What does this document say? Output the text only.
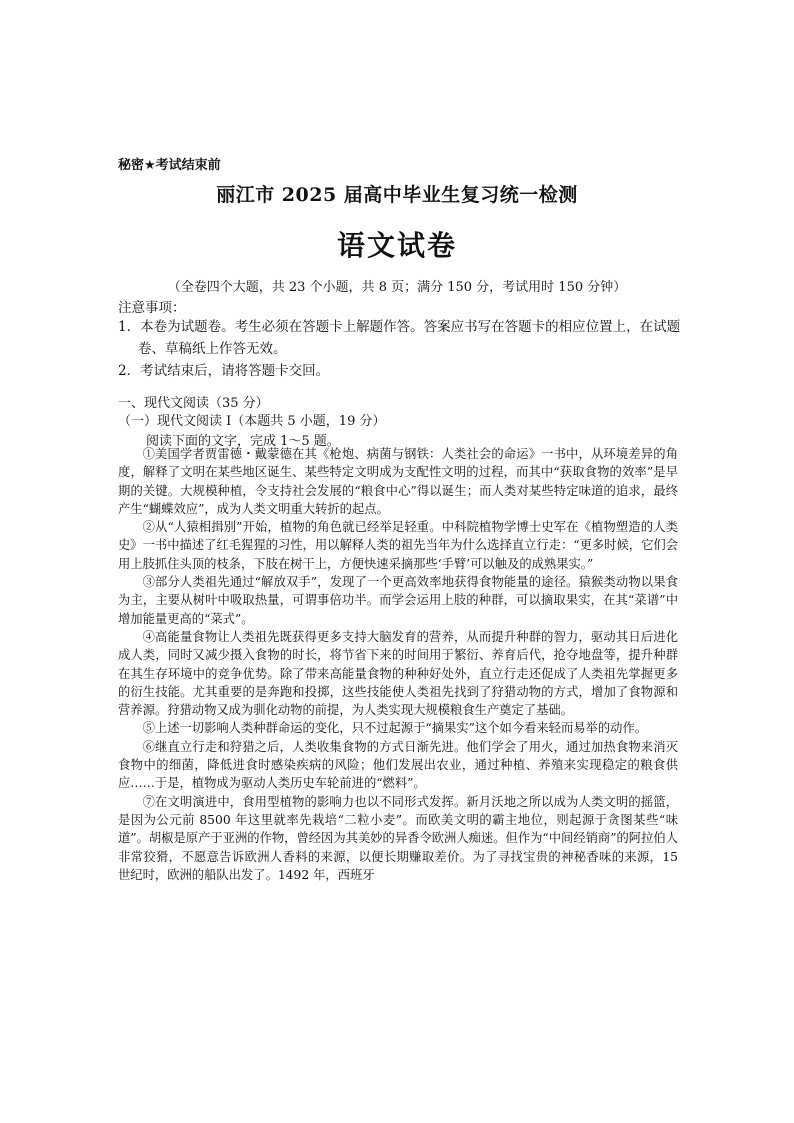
秘密★考试结束前
丽江市 2025 届高中毕业生复习统一检测
语文试卷
（全卷四个大题，共 23 个小题，共 8 页；满分 150 分，考试用时 150 分钟）
注意事项：
1．本卷为试题卷。考生必须在答题卡上解题作答。答案应书写在答题卡的相应位置上，在试题卷、草稿纸上作答无效。
2．考试结束后，请将答题卡交回。
一、现代文阅读（35 分）
（一）现代文阅读 I（本题共 5 小题，19 分）
阅读下面的文字，完成 1～5 题。

①美国学者贾雷德・戴蒙德在其《枪炮、病菌与钢铁：人类社会的命运》一书中，从环境差异的角度，解释了文明在某些地区诞生、某些特定文明成为支配性文明的过程，而其中“获取食物的效率”是早期的关键。大规模种植，令支持社会发展的“粮食中心”得以诞生；而人类对某些特定味道的追求，最终产生“蝴蝶效应”，成为人类文明重大转折的起点。

②从“人猿相揖别”开始，植物的角色就已经举足轻重。中科院植物学博士史军在《植物塑造的人类史》一书中描述了红毛猩猩的习性，用以解释人类的祖先当年为什么选择直立行走：“更多时候，它们会用上肢抓住头顶的枝条，下肢在树干上，方便快速采摘那些‘手臂’可以触及的成熟果实。”

③部分人类祖先通过“解放双手”，发现了一个更高效率地获得食物能量的途径。猿猴类动物以果食为主，主要从树叶中吸取热量，可谓事倍功半。而学会运用上肢的种群，可以摘取果实，在其“菜谱”中增加能量更高的“菜式”。

④高能量食物让人类祖先既获得更多支持大脑发育的营养，从而提升种群的智力，驱动其日后进化成人类，同时又减少摄入食物的时长，将节省下来的时间用于繁衍、养育后代，抢夺地盘等，提升种群在其生存环境中的竞争优势。除了带来高能量食物的种种好处外，直立行走还促成了人类祖先掌握更多的衍生技能。尤其重要的是奔跑和投掷，这些技能使人类祖先找到了狩猎动物的方式，增加了食物源和营养源。狩猎动物又成为驯化动物的前提，为人类实现大规模粮食生产奠定了基础。

⑤上述一切影响人类种群命运的变化，只不过起源于“摘果实”这个如今看来轻而易举的动作。

⑥继直立行走和狩猎之后，人类收集食物的方式日渐先进。他们学会了用火，通过加热食物来消灭食物中的细菌，降低进食时感染疾病的风险；他们发展出农业，通过种植、养殖来实现稳定的粮食供应……于是，植物成为驱动人类历史车轮前进的“燃料”。

⑦在文明演进中，食用型植物的影响力也以不同形式发挥。新月沃地之所以成为人类文明的摇篮，是因为公元前 8500 年这里就率先栽培“二粒小麦”。而欧美文明的霸主地位，则起源于贪图某些“味道”。胡椒是原产于亚洲的作物，曾经因为其美妙的异香令欧洲人痴迷。但作为“中间经销商”的阿拉伯人非常狡猾，不愿意告诉欧洲人香料的来源，以便长期赚取差价。为了寻找宝贵的神秘香味的来源，15 世纪时，欧洲的船队出发了。1492 年，西班牙
